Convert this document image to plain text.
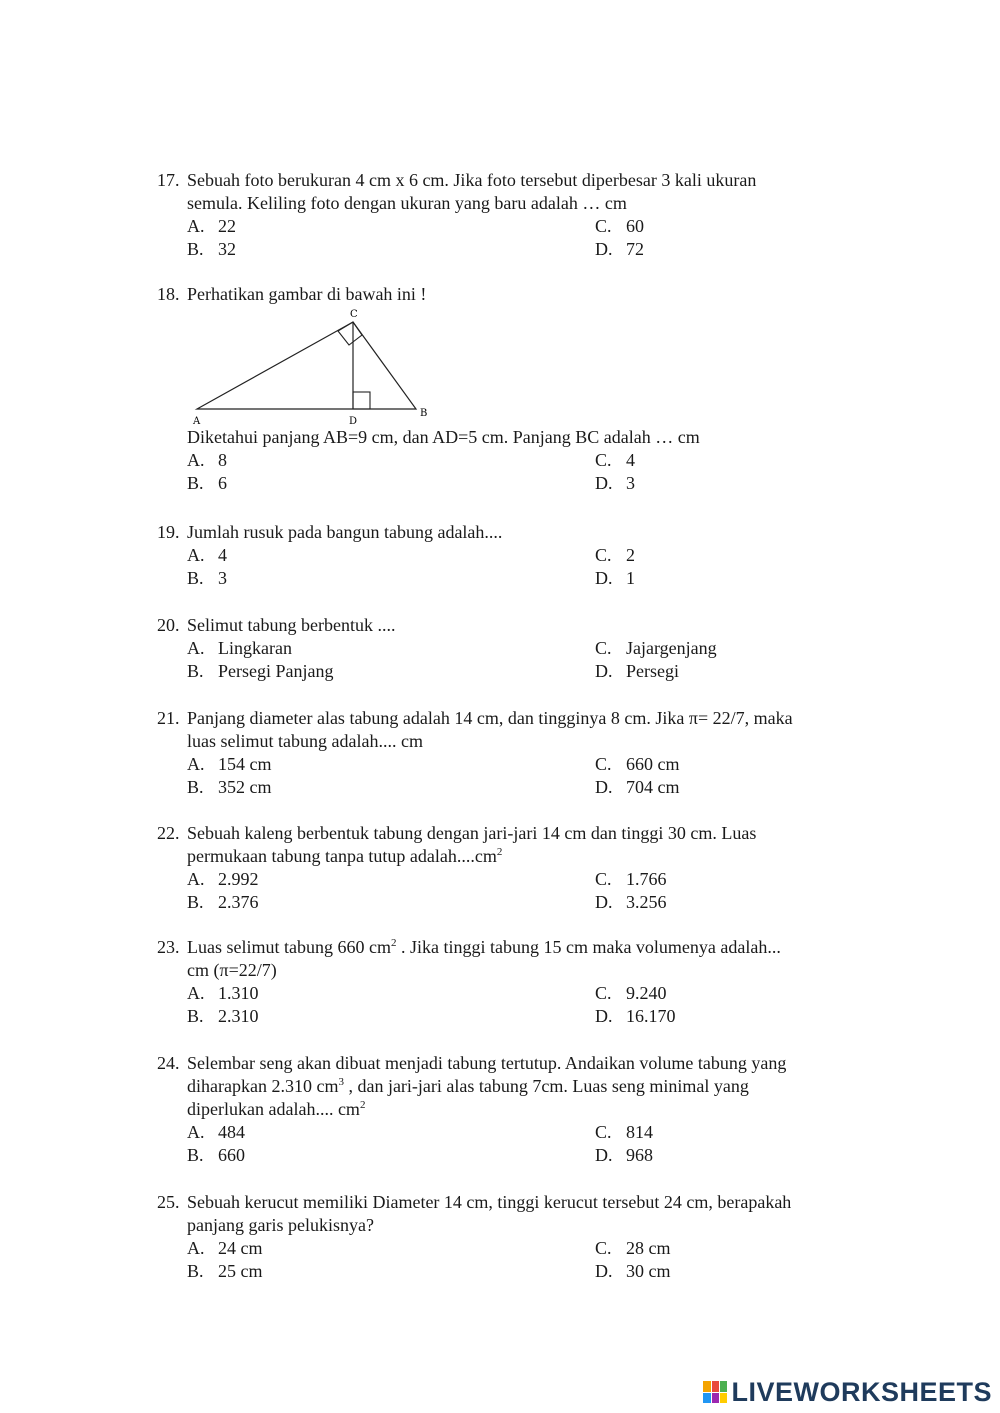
17. Sebuah foto berukuran 4 cm x 6 cm. Jika foto tersebut diperbesar 3 kali ukuran
semula. Keliling foto dengan ukuran yang baru adalah … cm
A. 22
B. 32
C. 60
D. 72
18. Perhatikan gambar di bawah ini !
A
B
C
D
Diketahui panjang AB=9 cm, dan AD=5 cm. Panjang BC adalah … cm
A. 8
B. 6
C. 4
D. 3
19. Jumlah rusuk pada bangun tabung adalah....
A. 4
B. 3
C. 2
D. 1
20. Selimut tabung berbentuk ....
A. Lingkaran
B. Persegi Panjang
C. Jajargenjang
D. Persegi
21. Panjang diameter alas tabung adalah 14 cm, dan tingginya 8 cm. Jika π= 22/7, maka
luas selimut tabung adalah.... cm
A. 154 cm
B. 352 cm
C. 660 cm
D. 704 cm
22. Sebuah kaleng berbentuk tabung dengan jari-jari 14 cm dan tinggi 30 cm. Luas
permukaan tabung tanpa tutup $adalah....cm^2$
A. 2.992
B. 2.376
C. 1.766
D. 3.256
23. Luas selimut tabung 660 $cm^2$ . Jika tinggi tabung 15 cm maka volumenya adalah...
cm (π=22/7)
A. 1.310
B. 2.310
C. 9.240
D. 16.170
24. Selembar seng akan dibuat menjadi tabung tertutup. Andaikan volume tabung yang
diharapkan 2.310 $cm^3$ , dan jari-jari alas tabung 7cm. Luas seng minimal yang
diperlukan adalah.... $cm^2$
A. 484
B. 660
C. 814
D. 968
25. Sebuah kerucut memiliki Diameter 14 cm, tinggi kerucut tersebut 24 cm, berapakah
panjang garis pelukisnya?
A. 24 cm
B. 25 cm
C. 28 cm
D. 30 cm
LIVEWORKSHEETS
